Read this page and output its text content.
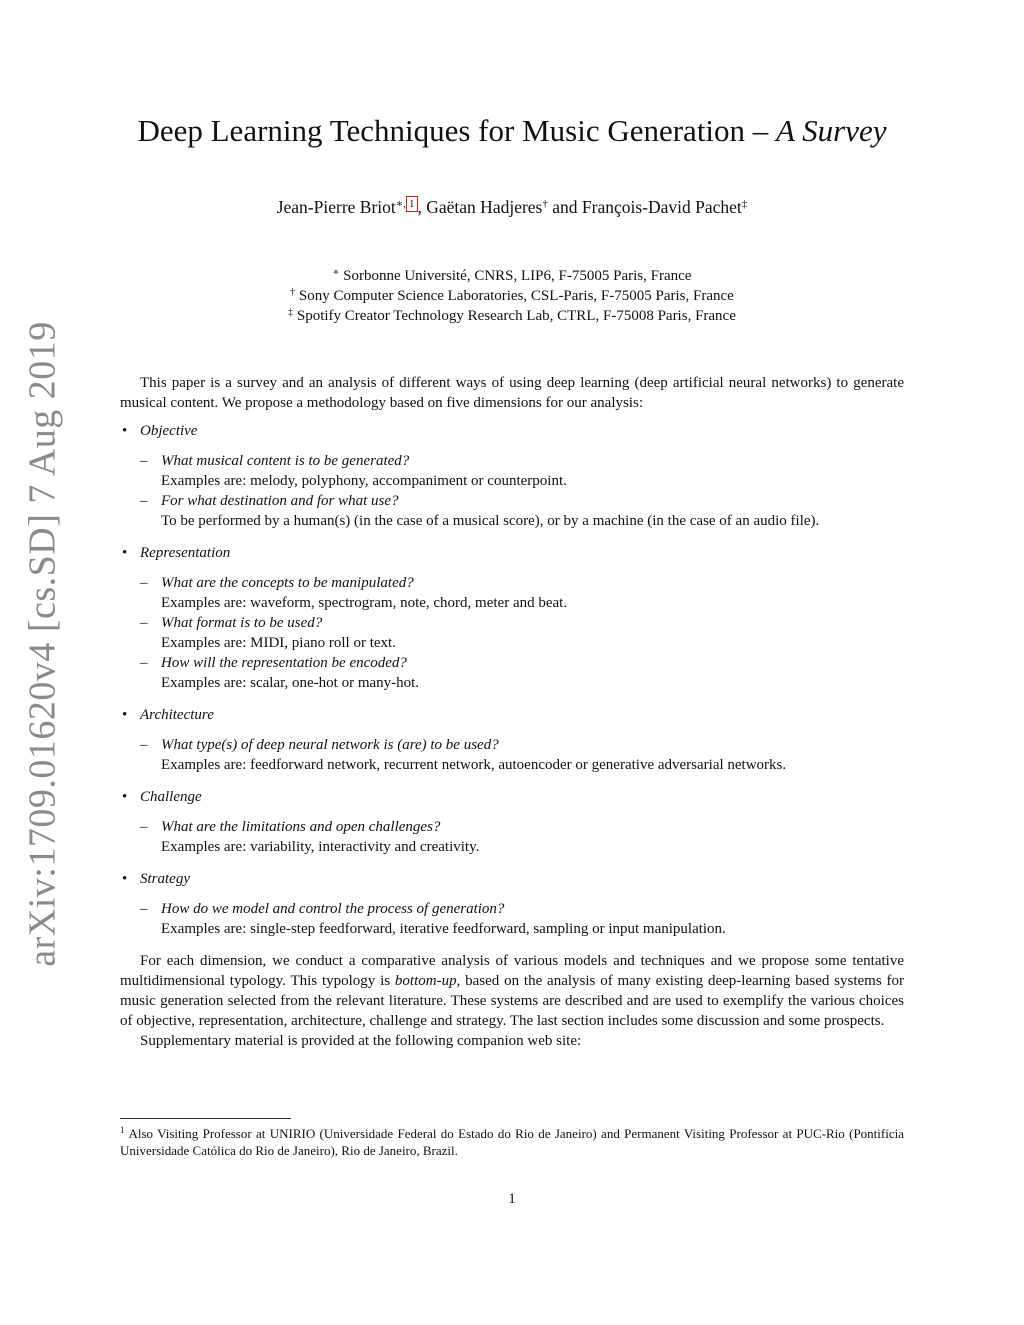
arXiv:1709.01620v4 [cs.SD] 7 Aug 2019
Deep Learning Techniques for Music Generation – A Survey
Jean-Pierre Briot$^{∗, 1}$ , Gaëtan Hadjeres† and François-David Pachet‡
∗ Sorbonne Université, CNRS, LIP6, F-75005 Paris, France
† Sony Computer Science Laboratories, CSL-Paris, F-75005 Paris, France
‡ Spotify Creator Technology Research Lab, CTRL, F-75008 Paris, France

This paper is a survey and an analysis of different ways of using deep learning (deep artificial neural networks) to generate musical content. We propose a methodology based on five dimensions for our analysis:

• Objective
– What musical content is to be generated?
Examples are: melody, polyphony, accompaniment or counterpoint.
– For what destination and for what use?
To be performed by a human(s) (in the case of a musical score), or by a machine (in the case of an audio file).
• Representation
– What are the concepts to be manipulated?
Examples are: waveform, spectrogram, note, chord, meter and beat.
– What format is to be used?
Examples are: MIDI, piano roll or text.
– How will the representation be encoded?
Examples are: scalar, one-hot or many-hot.
• Architecture
– What type(s) of deep neural network is (are) to be used?
Examples are: feedforward network, recurrent network, autoencoder or generative adversarial networks.
• Challenge
– What are the limitations and open challenges?
Examples are: variability, interactivity and creativity.
• Strategy
– How do we model and control the process of generation?
Examples are: single-step feedforward, iterative feedforward, sampling or input manipulation.

For each dimension, we conduct a comparative analysis of various models and techniques and we propose some tentative multidimensional typology. This typology is bottom-up, based on the analysis of many existing deep-learning based systems for music generation selected from the relevant literature. These systems are described and are used to exemplify the various choices of objective, representation, architecture, challenge and strategy. The last section includes some discussion and some prospects.

Supplementary material is provided at the following companion web site:

$^1$ Also Visiting Professor at UNIRIO (Universidade Federal do Estado do Rio de Janeiro) and Permanent Visiting Professor at PUC-Rio (Pontifícia Universidade Católica do Rio de Janeiro), Rio de Janeiro, Brazil.
1
